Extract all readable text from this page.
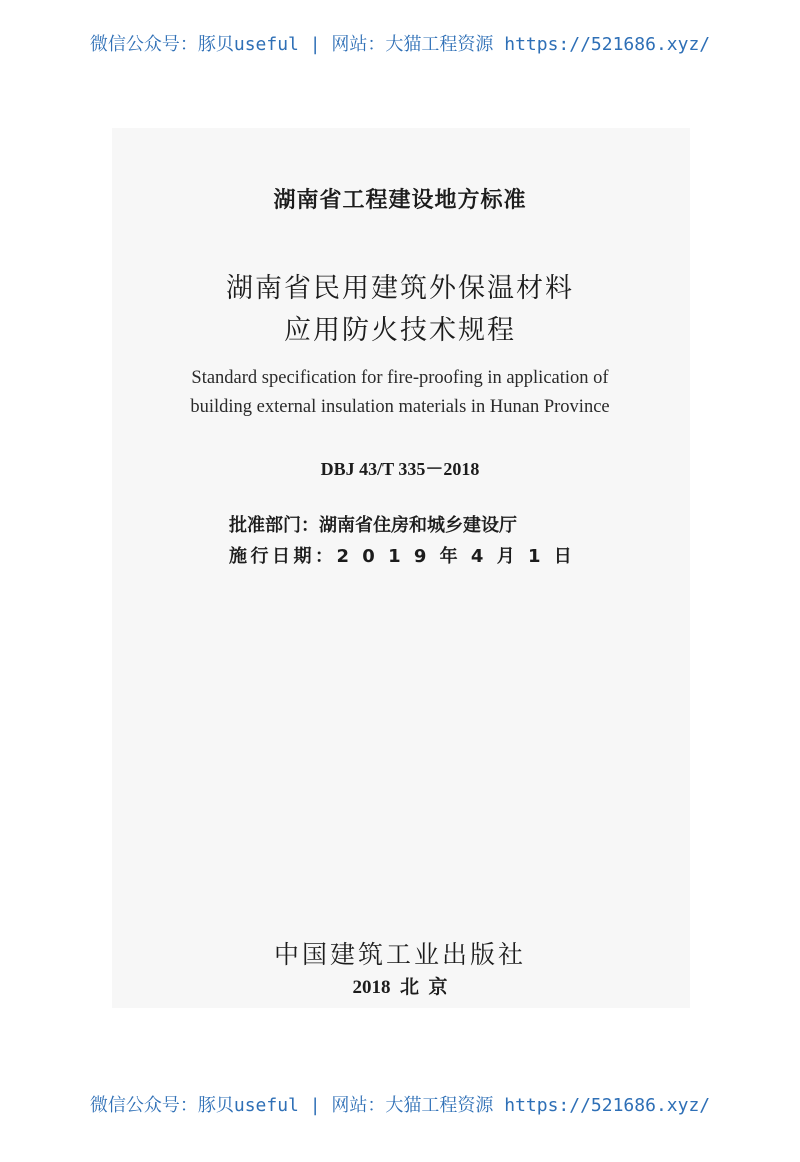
微信公众号：豚贝useful | 网站：大猫工程资源 https://521686.xyz/
湖南省工程建设地方标准
湖南省民用建筑外保温材料
应用防火技术规程
Standard specification for fire-proofing in application of
building external insulation materials in Hunan Province
DBJ 43/T 335－2018
批准部门：湖南省住房和城乡建设厅
施行日期：2 0 1 9 年 4 月 1 日
中国建筑工业出版社
2018  北  京
微信公众号：豚贝useful | 网站：大猫工程资源 https://521686.xyz/
